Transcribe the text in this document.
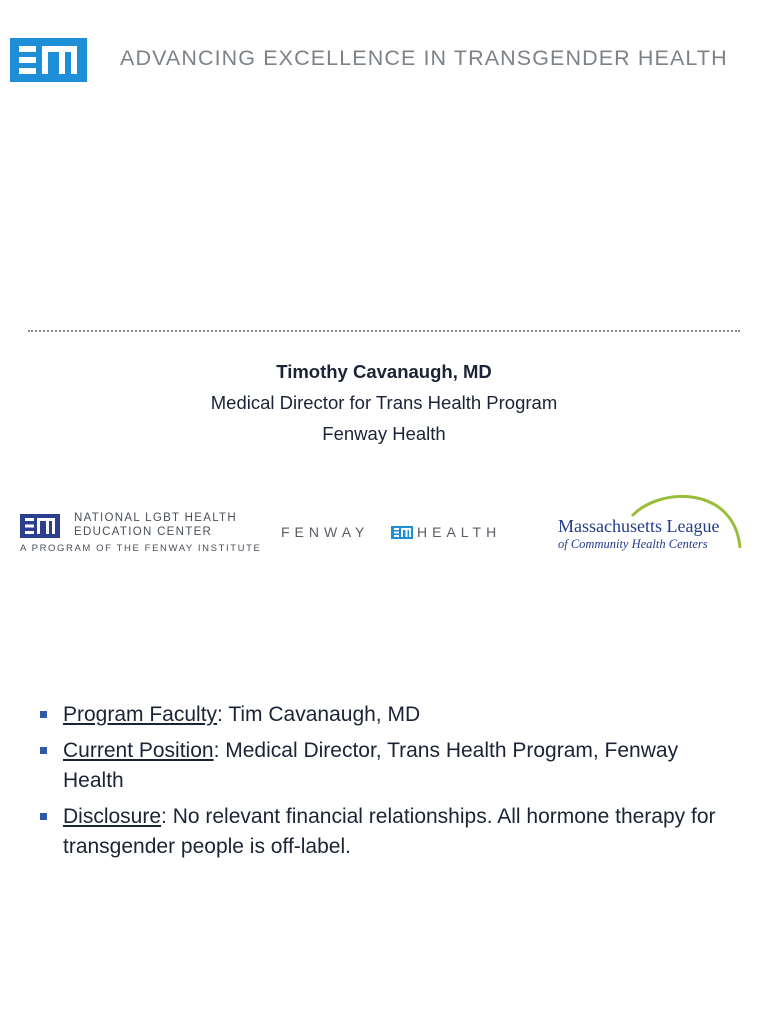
ADVANCING EXCELLENCE IN TRANSGENDER HEALTH
Timothy Cavanaugh, MD
Medical Director for Trans Health Program
Fenway Health
NATIONAL LGBT HEALTH
EDUCATION CENTER
A PROGRAM OF THE FENWAY INSTITUTE
FENWAY	HEALTH	Massachusetts League
of Community Health Centers
Program Faculty: Tim Cavanaugh, MD
Current Position: Medical Director, Trans Health Program, Fenway Health
Disclosure: No relevant financial relationships. All hormone therapy for transgender people is off-label.
